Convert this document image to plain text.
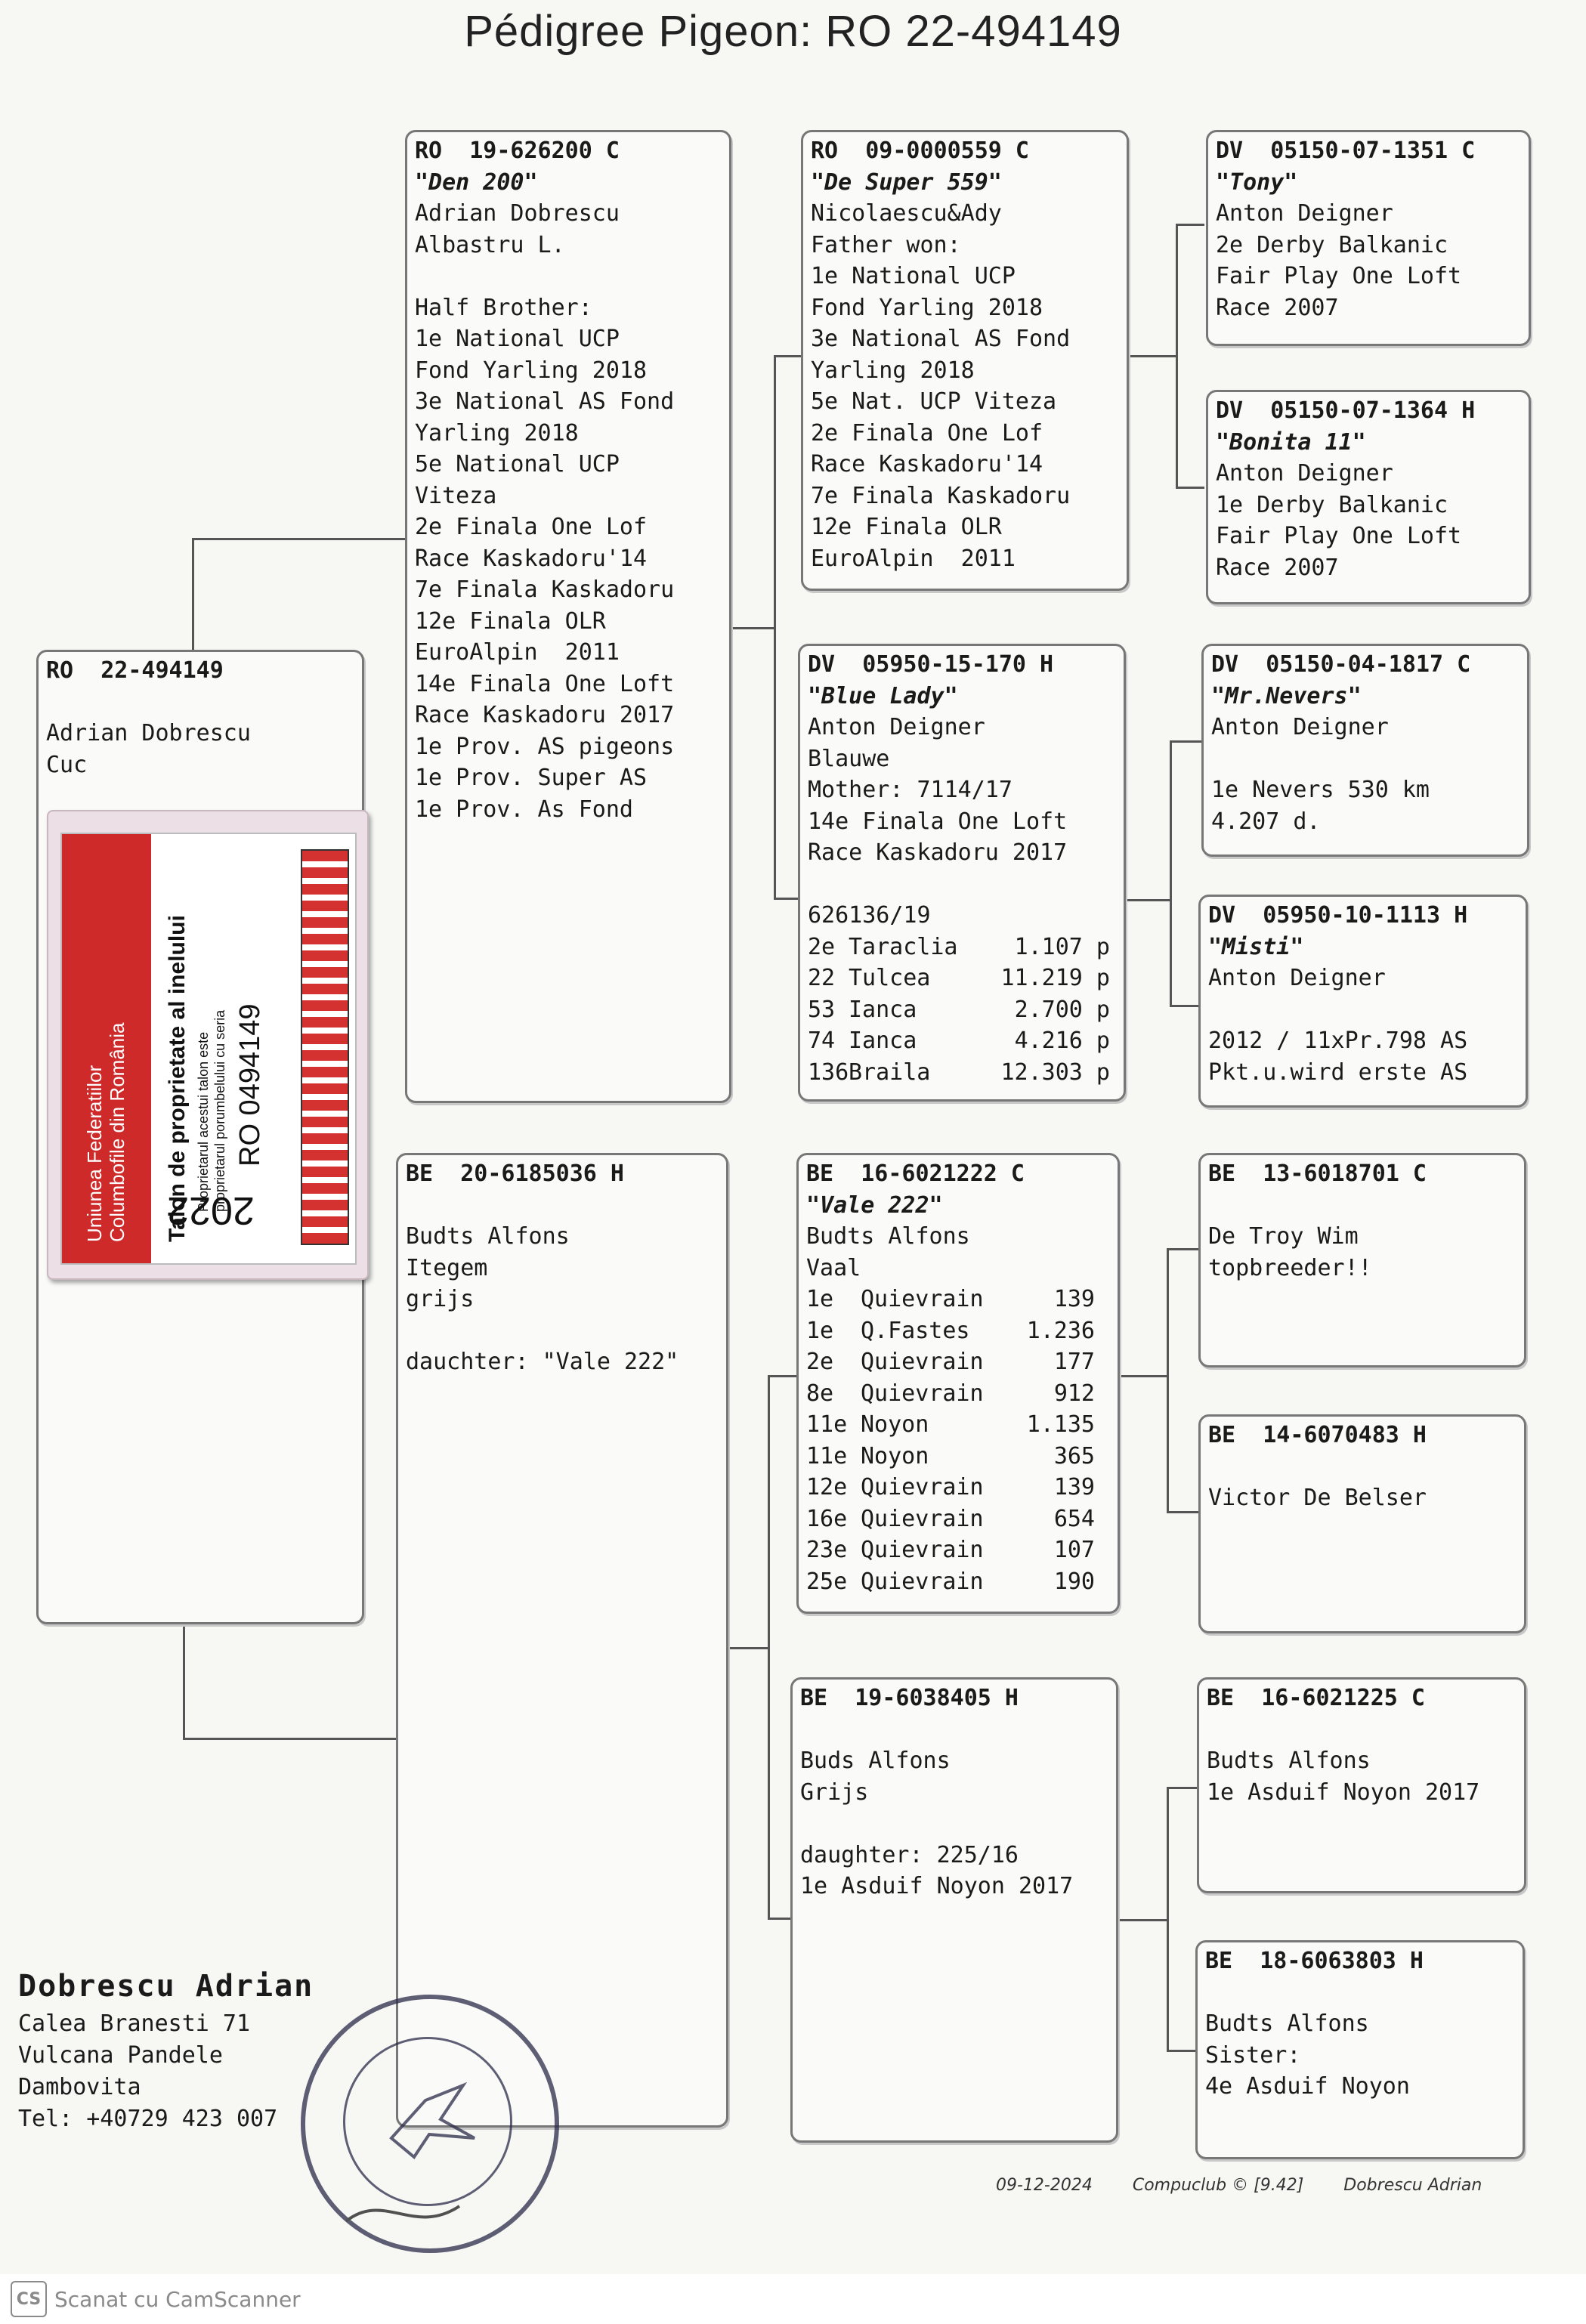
Pédigree Pigeon: RO 22-494149
RO  22-494149
Adrian Dobrescu
Cuc
Uniunea Federatiilor Columbofile din România Talon de proprietate al inelului Proprietarul acestui talon este proprietarul porumbelului cu seria RO 0494149
2022
RO  19-626200 C
"Den 200"
Adrian Dobrescu
Albastru L.
Half Brother:
1e National UCP
Fond Yarling 2018
3e National AS Fond
Yarling 2018
5e National UCP
Viteza
2e Finala One Lof
Race Kaskadoru'14
7e Finala Kaskadoru
12e Finala OLR
EuroAlpin  2011
14e Finala One Loft
Race Kaskadoru 2017
1e Prov. AS pigeons
1e Prov. Super AS
1e Prov. As Fond
BE  20-6185036 H
Budts Alfons
Itegem
grijs
dauchter: "Vale 222"
RO  09-0000559 C
"De Super 559"
Nicolaescu&Ady
Father won:
1e National UCP
Fond Yarling 2018
3e National AS Fond
Yarling 2018
5e Nat. UCP Viteza
2e Finala One Lof
Race Kaskadoru'14
7e Finala Kaskadoru
12e Finala OLR
EuroAlpin  2011
DV  05950-15-170 H
"Blue Lady"
Anton Deigner
Blauwe
Mother: 7114/17
14e Finala One Loft
Race Kaskadoru 2017
626136/19
2e Taraclia	1.107 p
22 Tulcea	11.219 p
53 Ianca	2.700 p
74 Ianca	4.216 p
136 Braila	12.303 p
BE  16-6021222 C
"Vale 222"
Budts Alfons
Vaal
1e	Quievrain	139
1e	Q.Fastes	1.236
2e	Quievrain	177
8e	Quievrain	912
11e Noyon	1.135
11e Noyon	365
12e Quievrain	139
16e Quievrain	654
23e Quievrain	107
25e Quievrain	190
BE  19-6038405 H
Buds Alfons
Grijs
daughter: 225/16
1e Asduif Noyon 2017
DV  05150-07-1351 C
"Tony"
Anton Deigner
2e Derby Balkanic
Fair Play One Loft
Race 2007
DV  05150-07-1364 H
"Bonita 11"
Anton Deigner
1e Derby Balkanic
Fair Play One Loft
Race 2007
DV  05150-04-1817 C
"Mr.Nevers"
Anton Deigner
1e Nevers 530 km
4.207 d.
DV  05950-10-1113 H
"Misti"
Anton Deigner
2012 / 11xPr.798 AS
Pkt.u.wird erste AS
BE  13-6018701 C
De Troy Wim
topbreeder!!
BE  14-6070483 H
Victor De Belser
BE  16-6021225 C
Budts Alfons
1e Asduif Noyon 2017
BE  18-6063803 H
Budts Alfons
Sister:
4e Asduif Noyon
Dobrescu Adrian
Calea Branesti 71
Vulcana Pandele
Dambovita
Tel: +40729 423 007
09-12-2024 Compuclub © [9.42] Dobrescu Adrian
CS Scanat cu CamScanner
